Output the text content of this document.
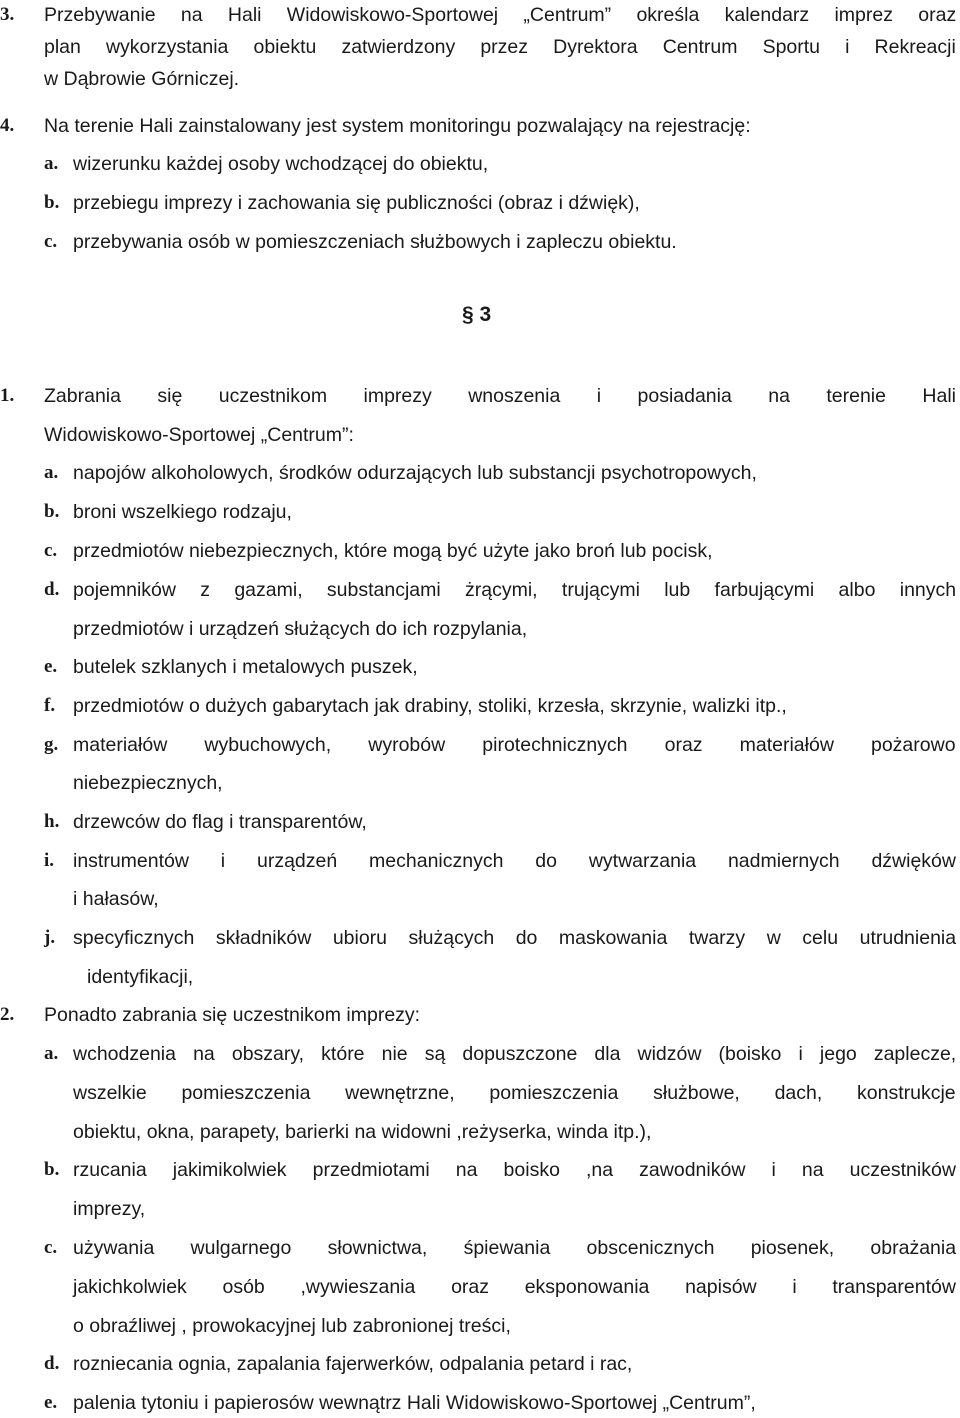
§ 3
3. Przebywanie na Hali Widowiskowo-Sportowej „Centrum” określa kalendarz imprez oraz
plan wykorzystania obiektu zatwierdzony przez Dyrektora Centrum Sportu i Rekreacji
w Dąbrowie Górniczej.
4. Na terenie Hali zainstalowany jest system monitoringu pozwalający na rejestrację:
a. wizerunku każdej osoby wchodzącej do obiektu,
b. przebiegu imprezy i zachowania się publiczności (obraz i dźwięk),
c. przebywania osób w pomieszczeniach służbowych i zapleczu obiektu.
1. Zabrania się uczestnikom imprezy wnoszenia i posiadania na terenie Hali
Widowiskowo-Sportowej „Centrum”:
a. napojów alkoholowych, środków odurzających lub substancji psychotropowych,
b. broni wszelkiego rodzaju,
c. przedmiotów niebezpiecznych, które mogą być użyte jako broń lub pocisk,
d. pojemników z gazami, substancjami żrącymi, trującymi lub farbującymi albo innych
przedmiotów i urządzeń służących do ich rozpylania,
e. butelek szklanych i metalowych puszek,
f. przedmiotów o dużych gabarytach jak drabiny, stoliki, krzesła, skrzynie, walizki itp.,
g. materiałów wybuchowych, wyrobów pirotechnicznych oraz materiałów pożarowo
niebezpiecznych,
h. drzewców do flag i transparentów,
i. instrumentów i urządzeń mechanicznych do wytwarzania nadmiernych dźwięków
i hałasów,
j. specyficznych składników ubioru służących do maskowania twarzy w celu utrudnienia
identyfikacji,
2. Ponadto zabrania się uczestnikom imprezy:
a. wchodzenia na obszary, które nie są dopuszczone dla widzów (boisko i jego zaplecze,
wszelkie pomieszczenia wewnętrzne, pomieszczenia służbowe, dach, konstrukcje
obiektu, okna, parapety, barierki na widowni ,reżyserka, winda itp.),
b. rzucania jakimikolwiek przedmiotami na boisko ,na zawodników i na uczestników
imprezy,
c. używania wulgarnego słownictwa, śpiewania obscenicznych piosenek, obrażania
jakichkolwiek osób ,wywieszania oraz eksponowania napisów i transparentów
o obraźliwej , prowokacyjnej lub zabronionej treści,
d. rozniecania ognia, zapalania fajerwerków, odpalania petard i rac,
e. palenia tytoniu i papierosów wewnątrz Hali Widowiskowo-Sportowej „Centrum”,
